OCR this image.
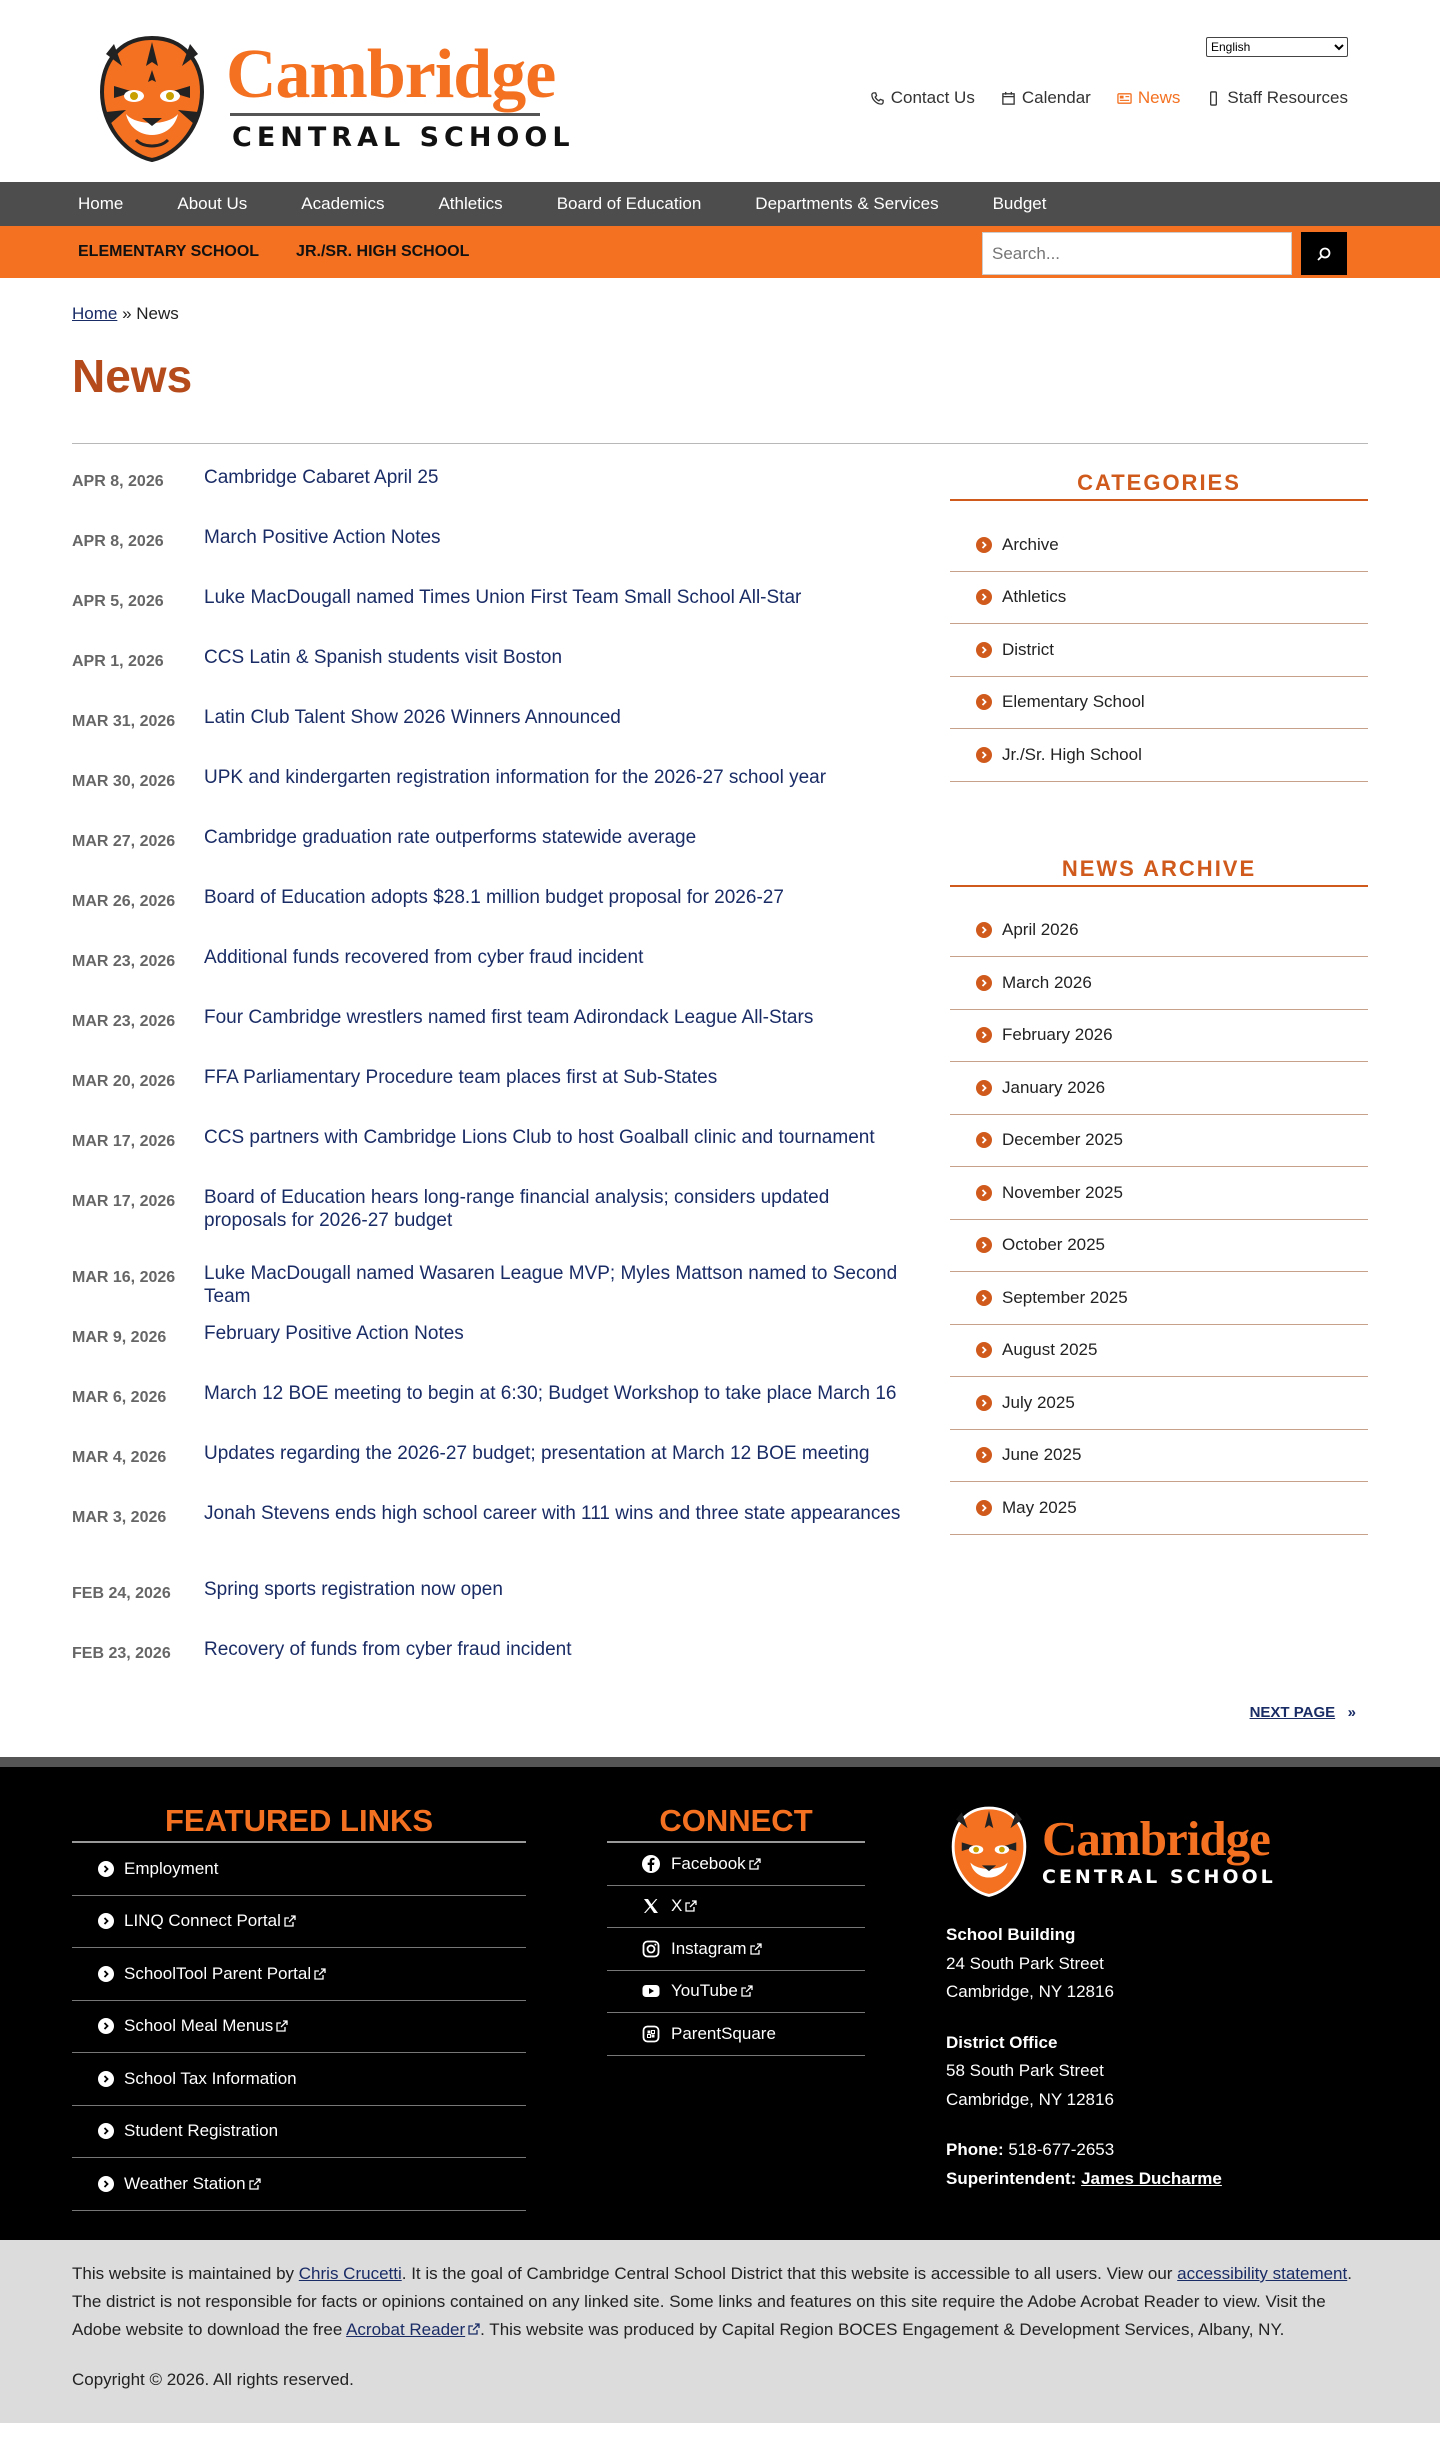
Cambridge
CENTRAL SCHOOL
English
Contact Us	Calendar	News	Staff Resources
Home	About Us	Academics	Athletics	Board of Education	Departments & Services	Budget
ELEMENTARY SCHOOL	JR./SR. HIGH SCHOOL
Search...
Home » News
News
APR 8, 2026	Cambridge Cabaret April 25
APR 8, 2026	March Positive Action Notes
APR 5, 2026	Luke MacDougall named Times Union First Team Small School All-Star
APR 1, 2026	CCS Latin & Spanish students visit Boston
MAR 31, 2026	Latin Club Talent Show 2026 Winners Announced
MAR 30, 2026	UPK and kindergarten registration information for the 2026-27 school year
MAR 27, 2026	Cambridge graduation rate outperforms statewide average
MAR 26, 2026	Board of Education adopts $28.1 million budget proposal for 2026-27
MAR 23, 2026	Additional funds recovered from cyber fraud incident
MAR 23, 2026	Four Cambridge wrestlers named first team Adirondack League All-Stars
MAR 20, 2026	FFA Parliamentary Procedure team places first at Sub-States
MAR 17, 2026	CCS partners with Cambridge Lions Club to host Goalball clinic and tournament
MAR 17, 2026	Board of Education hears long-range financial analysis; considers updated proposals for 2026-27 budget
MAR 16, 2026	Luke MacDougall named Wasaren League MVP; Myles Mattson named to Second Team
MAR 9, 2026	February Positive Action Notes
MAR 6, 2026	March 12 BOE meeting to begin at 6:30; Budget Workshop to take place March 16
MAR 4, 2026	Updates regarding the 2026-27 budget; presentation at March 12 BOE meeting
MAR 3, 2026	Jonah Stevens ends high school career with 111 wins and three state appearances
FEB 24, 2026	Spring sports registration now open
FEB 23, 2026	Recovery of funds from cyber fraud incident
NEXT PAGE »
CATEGORIES
Archive
Athletics
District
Elementary School
Jr./Sr. High School
NEWS ARCHIVE
April 2026
March 2026
February 2026
January 2026
December 2025
November 2025
October 2025
September 2025
August 2025
July 2025
June 2025
May 2025
FEATURED LINKS
Employment
LINQ Connect Portal
SchoolTool Parent Portal
School Meal Menus
School Tax Information
Student Registration
Weather Station
CONNECT
Facebook
X
Instagram
YouTube
ParentSquare
Cambridge
CENTRAL SCHOOL
School Building
24 South Park Street
Cambridge, NY 12816
District Office
58 South Park Street
Cambridge, NY 12816
Phone: 518-677-2653
Superintendent: James Ducharme

This website is maintained by Chris Crucetti. It is the goal of Cambridge Central School District that this website is accessible to all users. View our accessibility statement. The district is not responsible for facts or opinions contained on any linked site. Some links and features on this site require the Adobe Acrobat Reader to view. Visit the Adobe website to download the free Acrobat Reader . This website was produced by Capital Region BOCES Engagement & Development Services, Albany, NY.

Copyright © 2026. All rights reserved.
